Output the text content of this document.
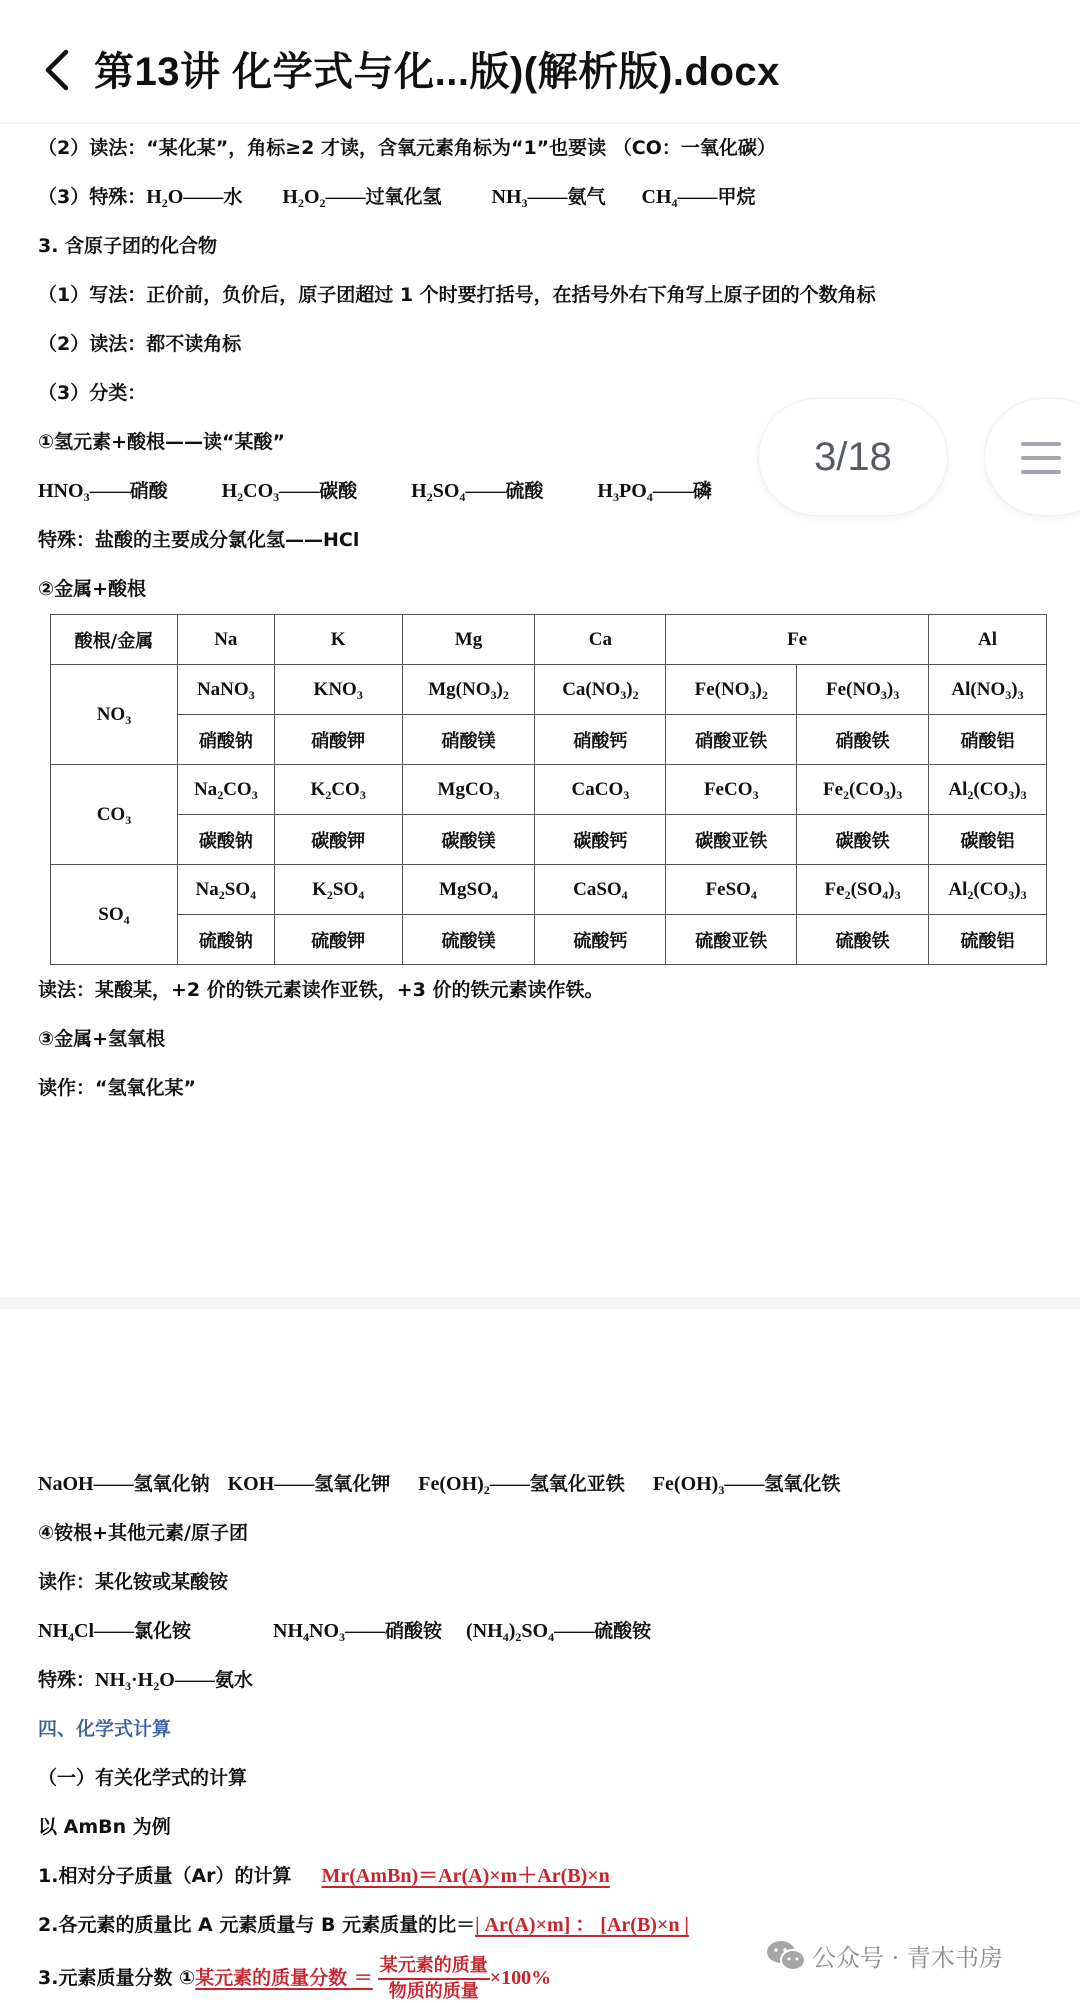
第13讲 化学式与化...版)(解析版).docx
（2）读法：“某化某”，角标≥2 才读，含氧元素角标为“1”也要读 （CO：一氧化碳）
（3）特殊：$H_2O——$水 $H_2O_2——$过氧化氢	$NH_3——$氨气 $CH_4——$甲烷
3. 含原子团的化合物
（1）写法：正价前，负价后，原子团超过 1 个时要打括号，在括号外右下角写上原子团的个数角标
（2）读法：都不读角标
（3）分类：
①氢元素+酸根——读“某酸”
$HNO_3——$硝酸	$H_2CO_3——$碳酸	$H_2SO_4——$硫酸	$H_3PO_4——$磷
特殊：盐酸的主要成分氯化氢——HCl
②金属+酸根
酸根/金属	Na	K	Mg	Ca	Fe		Al
$NO_3$	NaNO$_3$	$KNO_3$	$Mg(NO_3)_2$	$Ca(NO_3)_2$	$Fe(NO_3)_2$	$Fe(NO_3)_3$	$Al(NO_3)_3$
	硝酸钠	硝酸钾	硝酸镁	硝酸钙	硝酸亚铁	硝酸铁	硝酸铝
$CO_3$	$Na_2CO_3$	$K_2CO_3$	MgCO$_3$	CaCO$_3$	FeCO$_3$	$Fe_2(CO_3)_3$	$Al_2(CO_3)_3$
	碳酸钠	碳酸钾	碳酸镁	碳酸钙	碳酸亚铁	碳酸铁	碳酸铝
$SO_4$	$Na_2SO_4$	$K_2SO_4$	MgSO$_4$	CaSO$_4$	FeSO$_4$	$Fe_2(SO_4)_3$	$Al_2(CO_3)_3$
	硫酸钠	硫酸钾	硫酸镁	硫酸钙	硫酸亚铁	硫酸铁	硫酸铝
读法：某酸某，+2 价的铁元素读作亚铁，+3 价的铁元素读作铁。
③金属+氢氧根
读作：“氢氧化某”
NaOH——氢氧化钠 KOH——氢氧化钾 $Fe(OH)_2——$氢氧化亚铁 $Fe(OH)_3——$氢氧化铁
④铵根+其他元素/原子团
读作：某化铵或某酸铵
$NH_4Cl——$氯化铵	$NH_4NO_3——$硝酸铵 $(NH_4)_2SO_4——$硫酸铵
特殊：$NH_3\cdot H_2O——$氨水
四、化学式计算
（一）有关化学式的计算
以 AmBn 为例
1.相对分子质量（Ar）的计算 Mr(AmBn)＝Ar(A)×m＋Ar(B)×n
2.各元素的质量比 A 元素质量与 B 元素质量的比＝| Ar(A)×m] ： [Ar(B)×n |
3.元素质量分数 ①某元素的质量分数 ＝ $\frac{\text{某元素的质量}}{\text{物质的质量}} \times 100\%$
3/18
公众号 · 青木书房
